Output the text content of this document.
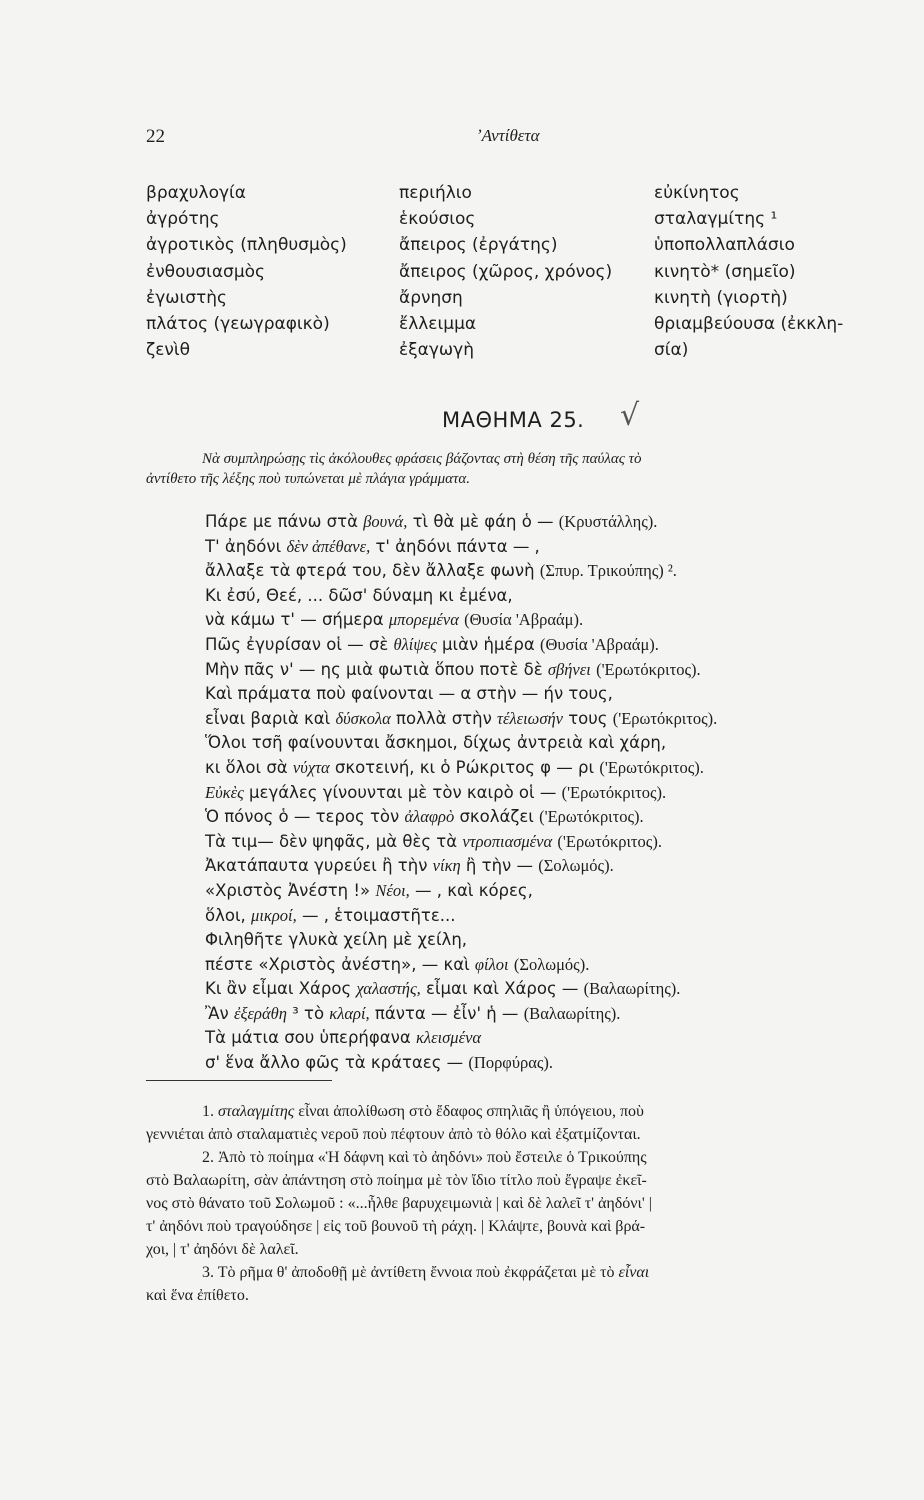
22	ʼΑντίθετα
βραχυλογία
ἀγρότης
ἀγροτικὸς (πληθυσμὸς)
ἐνθουσιασμὸς
ἐγωιστὴς
πλάτος (γεωγραφικὸ)
ζενὶθ
περιήλιο
ἑκούσιος
ἄπειρος (ἐργάτης)
ἄπειρος (χῶρος, χρόνος)
ἄρνηση
ἔλλειμμα
ἐξαγωγὴ
εὐκίνητος
σταλαγμίτης ¹
ὑποπολλαπλάσιο
κινητὸ* (σημεῖο)
κινητὴ (γιορτὴ)
θριαμβεύουσα (ἐκκλη-
σία)
ΜΑΘΗΜΑ 25. √
Νὰ συμπληρώσῃς τὶς ἀκόλουθες φράσεις βάζοντας στὴ θέση τῆς παύλας τὸ
ἀντίθετο τῆς λέξης ποὺ τυπώνεται μὲ πλάγια γράμματα.
Πάρε με πάνω στὰ βουνά, τὶ θὰ μὲ φάη ὁ — (Κρυστάλλης).
Τ' ἀηδόνι δὲν ἀπέθανε, τ' ἀηδόνι πάντα — ,
ἄλλαξε τὰ φτερά του, δὲν ἄλλαξε φωνὴ (Σπυρ. Τρικούπης) ².
Κι ἐσύ, Θεέ, ... δῶσ' δύναμη κι ἐμένα,
νὰ κάμω τ' — σήμερα μπορεμένα (Θυσία 'Αβραάμ).
Πῶς ἐγυρίσαν οἱ — σὲ θλίψες μιὰν ἡμέρα (Θυσία 'Αβραάμ).
Μὴν πᾶς ν' — ης μιὰ φωτιὰ ὅπου ποτὲ δὲ σβήνει ('Ερωτόκριτος).
Καὶ πράματα ποὺ φαίνονται — α στὴν — ήν τους,
εἶναι βαριὰ καὶ δύσκολα πολλὰ στὴν τέλειωσήν τους ('Ερωτόκριτος).
Ὅλοι τσῆ φαίνουνται ἄσκημοι, δίχως ἀντρειὰ καὶ χάρη,
κι ὅλοι σὰ νύχτα σκοτεινή, κι ὁ Ρώκριτος φ — ρι ('Ερωτόκριτος).
Εὐκὲς μεγάλες γίνουνται μὲ τὸν καιρὸ οἱ — ('Ερωτόκριτος).
Ὁ πόνος ὁ — τερος τὸν ἀλαφρὸ σκολάζει ('Ερωτόκριτος).
Τὰ τιμ— δὲν ψηφᾶς, μὰ θὲς τὰ ντροπιασμένα ('Ερωτόκριτος).
Ἀκατάπαυτα γυρεύει ἢ τὴν νίκη ἢ τὴν — (Σολωμός).
«Χριστὸς Ἀνέστη !» Νέοι, — , καὶ κόρες,
ὅλοι, μικροί, — , ἑτοιμαστῆτε...
Φιληθῆτε γλυκὰ χείλη μὲ χείλη,
πέστε «Χριστὸς ἀνέστη», — καὶ φίλοι (Σολωμός).
Κι ἂν εἶμαι Χάρος χαλαστής, εἶμαι καὶ Χάρος — (Βαλαωρίτης).
Ἂν ἐξεράθη ³ τὸ κλαρί, πάντα — ἐἶν' ἡ — (Βαλαωρίτης).
Τὰ μάτια σου ὑπερήφανα κλεισμένα
σ' ἕνα ἄλλο φῶς τὰ κράταες — (Πορφύρας).
1. σταλαγμίτης εἶναι ἀπολίθωση στὸ ἔδαφος σπηλιᾶς ἢ ὑπόγειου, ποὺ
γεννιέται ἀπὸ σταλαματιὲς νεροῦ ποὺ πέφτουν ἀπὸ τὸ θόλο καὶ ἐξατμίζονται.
2. Ἀπὸ τὸ ποίημα «Ἡ δάφνη καὶ τὸ ἀηδόνι» ποὺ ἔστειλε ὁ Τρικούπης
στὸ Βαλαωρίτη, σὰν ἀπάντηση στὸ ποίημα μὲ τὸν ἴδιο τίτλο ποὺ ἔγραψε ἐκεῖ-
νος στὸ θάνατο τοῦ Σολωμοῦ : «...ἦλθε βαρυχειμωνιὰ | καὶ δὲ λαλεῖ τ' ἀηδόνι' |
τ' ἀηδόνι ποὺ τραγούδησε | εἰς τοῦ βουνοῦ τὴ ράχη. | Κλάψτε, βουνὰ καὶ βρά-
χοι, | τ' ἀηδόνι δὲ λαλεῖ.
3. Τὸ ρῆμα θ' ἀποδοθῇ μὲ ἀντίθετη ἔννοια ποὺ ἐκφράζεται μὲ τὸ εἶναι
καὶ ἕνα ἐπίθετο.
